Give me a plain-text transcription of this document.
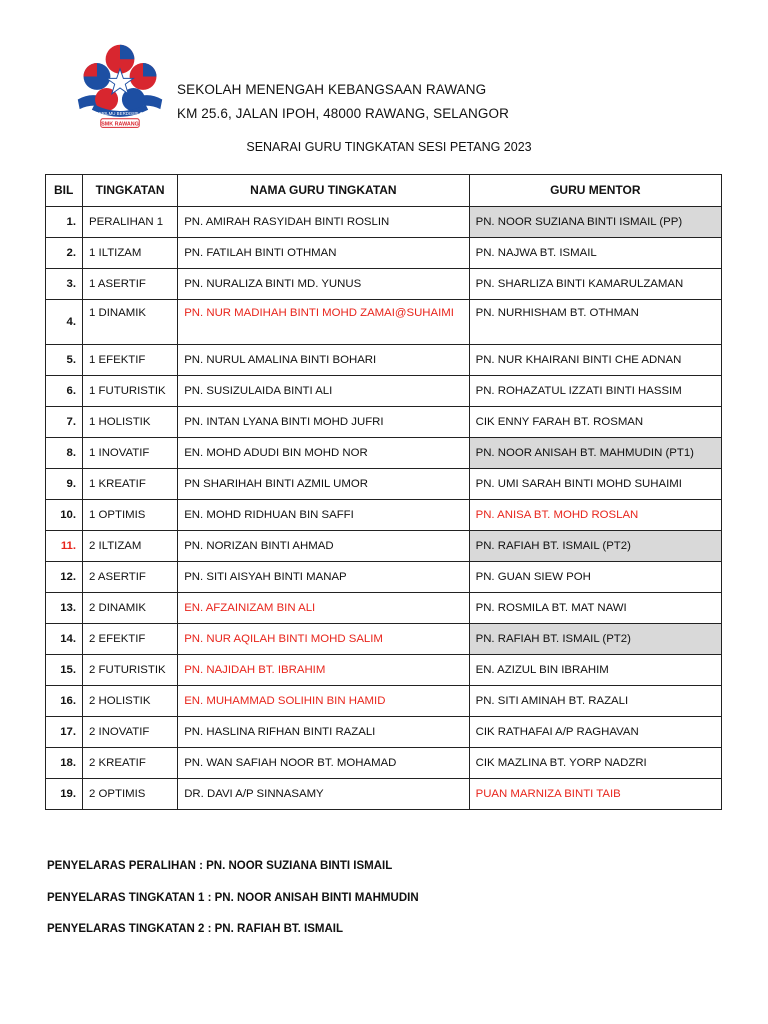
BERILMU BERDISIPLIN
SMK RAWANG
SEKOLAH MENENGAH KEBANGSAAN RAWANG
KM 25.6, JALAN IPOH, 48000 RAWANG, SELANGOR
SENARAI GURU TINGKATAN SESI PETANG 2023
BIL	TINGKATAN	NAMA GURU TINGKATAN	GURU MENTOR
1.	PERALIHAN 1	PN. AMIRAH RASYIDAH BINTI ROSLIN	PN. NOOR SUZIANA BINTI ISMAIL (PP)
2.	1 ILTIZAM	PN. FATILAH BINTI OTHMAN	PN. NAJWA BT. ISMAIL
3.	1 ASERTIF	PN. NURALIZA BINTI MD. YUNUS	PN. SHARLIZA BINTI KAMARULZAMAN
4.	1 DINAMIK	PN. NUR MADIHAH BINTI MOHD ZAMAI@SUHAIMI	PN. NURHISHAM BT. OTHMAN
5.	1 EFEKTIF	PN. NURUL AMALINA BINTI BOHARI	PN. NUR KHAIRANI BINTI CHE ADNAN
6.	1 FUTURISTIK	PN. SUSIZULAIDA BINTI ALI	PN. ROHAZATUL IZZATI BINTI HASSIM
7.	1 HOLISTIK	PN. INTAN LYANA BINTI MOHD JUFRI	CIK ENNY FARAH BT. ROSMAN
8.	1 INOVATIF	EN. MOHD ADUDI BIN MOHD NOR	PN. NOOR ANISAH BT. MAHMUDIN (PT1)
9.	1 KREATIF	PN SHARIHAH BINTI AZMIL UMOR	PN. UMI SARAH BINTI MOHD SUHAIMI
10.	1 OPTIMIS	EN. MOHD RIDHUAN BIN SAFFI	PN. ANISA BT. MOHD ROSLAN
11.	2 ILTIZAM	PN. NORIZAN BINTI AHMAD	PN. RAFIAH BT. ISMAIL (PT2)
12.	2 ASERTIF	PN. SITI AISYAH BINTI MANAP	PN. GUAN SIEW POH
13.	2 DINAMIK	EN. AFZAINIZAM BIN ALI	PN. ROSMILA BT. MAT NAWI
14.	2 EFEKTIF	PN. NUR AQILAH BINTI MOHD SALIM	PN. RAFIAH BT. ISMAIL (PT2)
15.	2 FUTURISTIK	PN. NAJIDAH BT. IBRAHIM	EN. AZIZUL BIN IBRAHIM
16.	2 HOLISTIK	EN. MUHAMMAD SOLIHIN BIN HAMID	PN. SITI AMINAH BT. RAZALI
17.	2 INOVATIF	PN. HASLINA RIFHAN BINTI RAZALI	CIK RATHAFAI A/P RAGHAVAN
18.	2 KREATIF	PN. WAN SAFIAH NOOR BT. MOHAMAD	CIK MAZLINA BT. YORP NADZRI
19.	2 OPTIMIS	DR. DAVI A/P SINNASAMY	PUAN MARNIZA BINTI TAIB
PENYELARAS PERALIHAN : PN. NOOR SUZIANA BINTI ISMAIL
PENYELARAS TINGKATAN 1 : PN. NOOR ANISAH BINTI MAHMUDIN
PENYELARAS TINGKATAN 2 : PN. RAFIAH BT. ISMAIL
